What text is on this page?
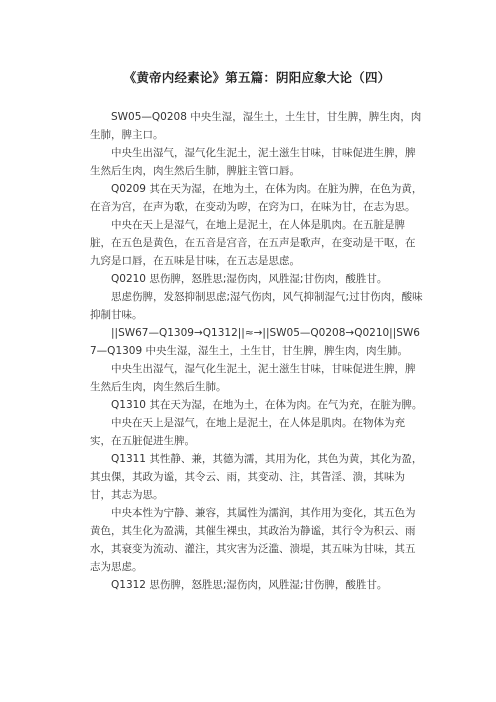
《黄帝内经素论》第五篇：阴阳应象大论（四）

SW05—Q0208 中央生湿，湿生土，土生甘，甘生脾，脾生肉，肉生肺，脾主口。

中央生出湿气，湿气化生泥土，泥土滋生甘味，甘味促进生脾，脾生然后生肉，肉生然后生肺，脾脏主管口唇。

Q0209 其在天为湿，在地为土，在体为肉。在脏为脾，在色为黄，在音为宫，在声为歌，在变动为哕，在窍为口，在味为甘，在志为思。

中央在天上是湿气，在地上是泥土，在人体是肌肉。在五脏是脾脏，在五色是黄色，在五音是宫音，在五声是歌声，在变动是干呕，在九窍是口唇，在五味是甘味，在五志是思虑。

Q0210 思伤脾，怒胜思;湿伤肉，风胜湿;甘伤肉，酸胜甘。

思虑伤脾，发怒抑制思虑;湿气伤肉，风气抑制湿气;过甘伤肉，酸味抑制甘味。

||SW67—Q1309→Q1312||≈→||SW05—Q0208→Q0210||SW67—Q1309 中央生湿，湿生土，土生甘，甘生脾，脾生肉，肉生肺。

中央生出湿气，湿气化生泥土，泥土滋生甘味，甘味促进生脾，脾生然后生肉，肉生然后生肺。

Q1310 其在天为湿，在地为土，在体为肉。在气为充，在脏为脾。

中央在天上是湿气，在地上是泥土，在人体是肌肉。在物体为充实，在五脏促进生脾。

Q1311 其性静、兼，其德为濡，其用为化，其色为黄，其化为盈，其虫倮，其政为谧，其令云、雨，其变动、注，其眚淫、溃，其味为甘，其志为思。

中央本性为宁静、兼容，其属性为濡润，其作用为变化，其五色为黄色，其生化为盈满，其催生裸虫，其政治为静谧，其行令为积云、雨水，其衰变为流动、灌注，其灾害为泛滥、溃堤，其五味为甘味，其五志为思虑。

Q1312 思伤脾，怒胜思;湿伤肉，风胜湿;甘伤脾，酸胜甘。
